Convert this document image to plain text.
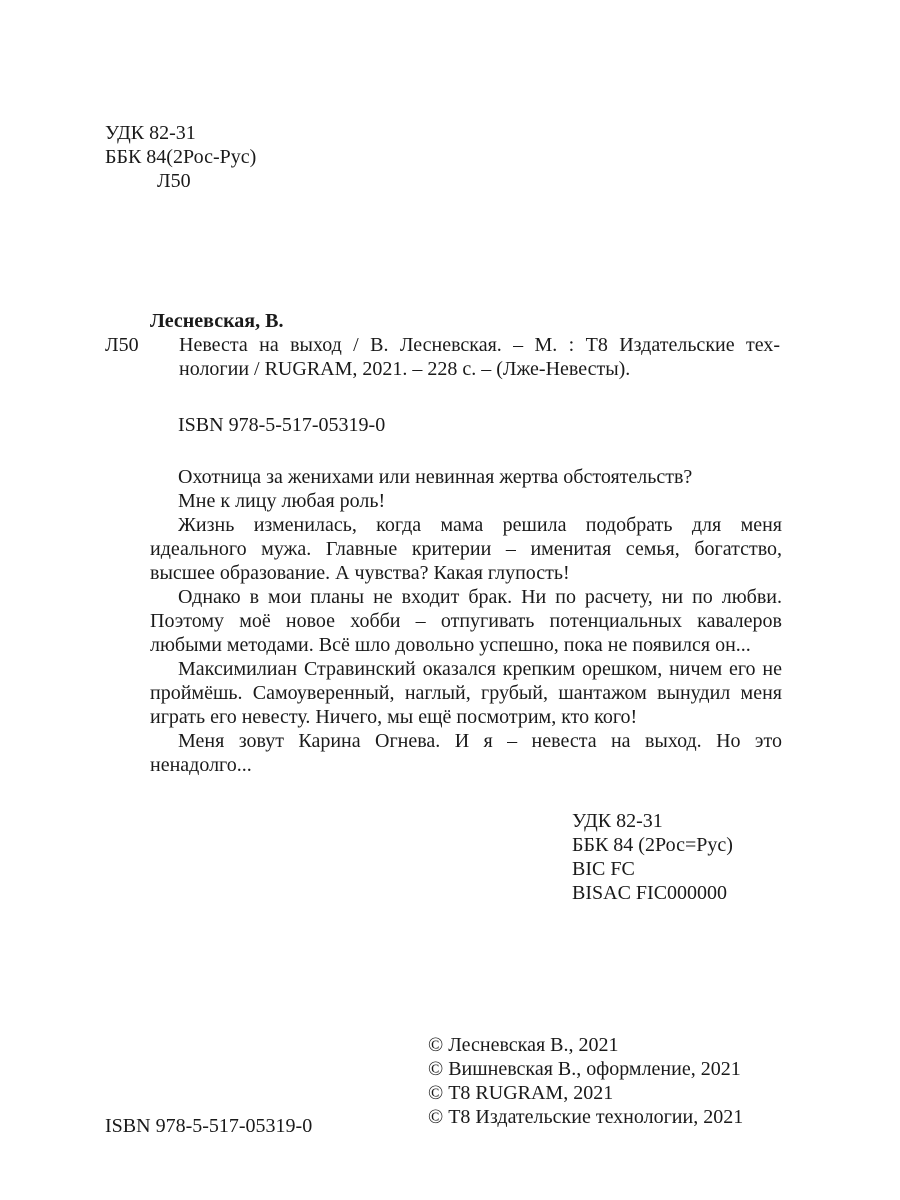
УДК 82-31
ББК 84(2Рос-Рус)
Л50
Лесневская, В.
Л50 Невеста на выход / В. Лесневская. – М. : Т8 Издательские тех-
нологии / RUGRAM, 2021. – 228 с. – (Лже-Невесты).
ISBN 978-5-517-05319-0

Охотница за женихами или невинная жертва обстоятельств?

Мне к лицу любая роль!

Жизнь изменилась, когда мама решила подобрать для меня идеального мужа. Главные критерии – именитая семья, богатство, высшее образование. А чувства? Какая глупость!

Однако в мои планы не входит брак. Ни по расчету, ни по любви. Поэтому моё новое хобби – отпугивать потенциальных кавалеров любыми методами. Всё шло довольно успешно, пока не появился он...

Максимилиан Стравинский оказался крепким орешком, ничем его не проймёшь. Самоуверенный, наглый, грубый, шантажом вынудил меня играть его невесту. Ничего, мы ещё посмотрим, кто кого!

Меня зовут Карина Огнева. И я – невеста на выход. Но это ненадолго...

УДК 82-31
ББК 84 (2Рос=Рус)
BIC FC
BISAC FIC000000
© Лесневская В., 2021
© Вишневская В., оформление, 2021
© Т8 RUGRAM, 2021
© Т8 Издательские технологии, 2021
ISBN 978-5-517-05319-0
